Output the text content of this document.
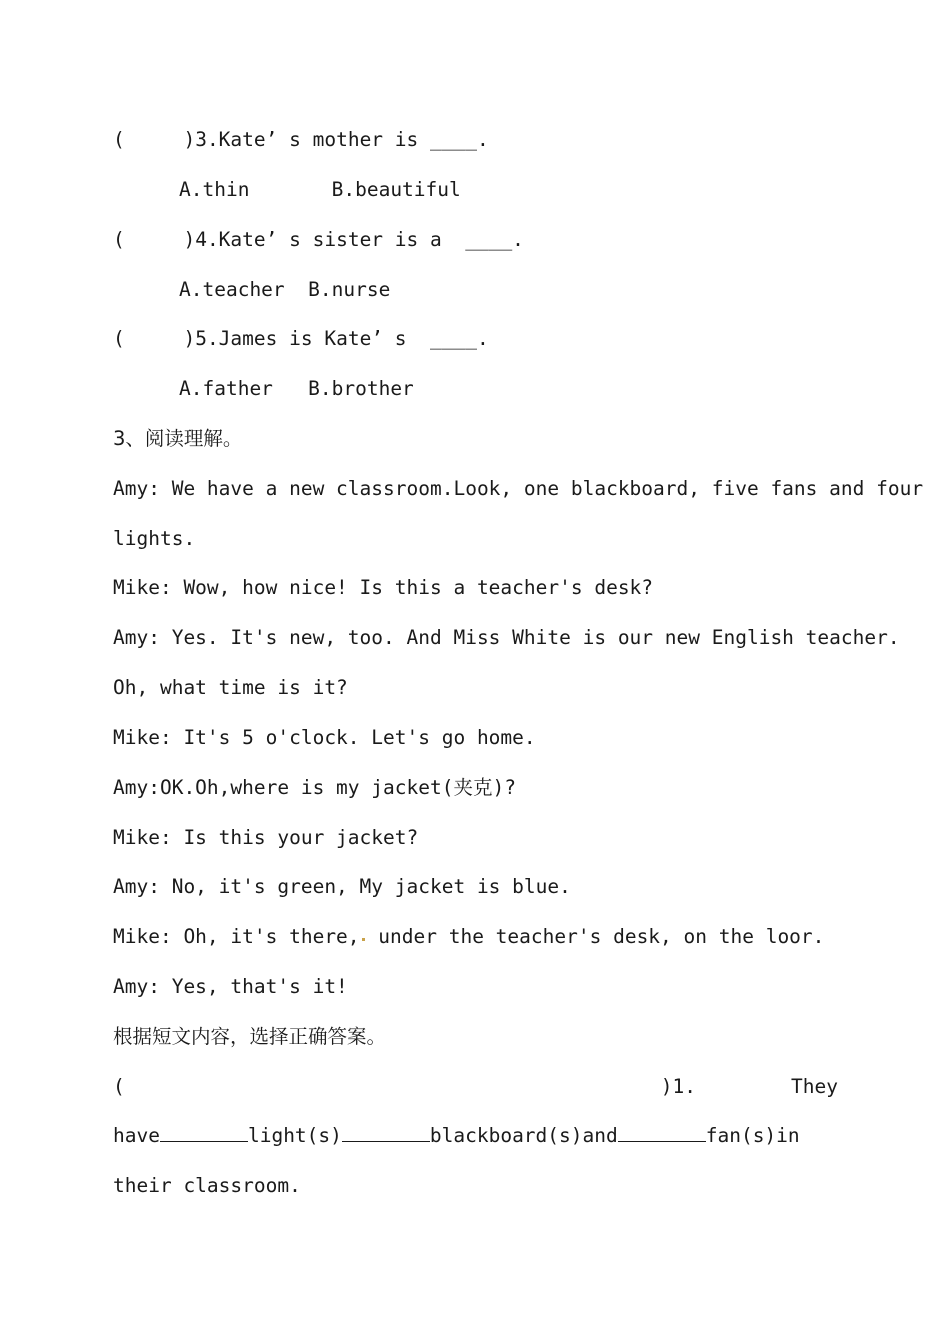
(	)3.Kate’ s mother is ____.
A.thin       B.beautiful
(	)4.Kate’ s sister is a  ____.
A.teacher  B.nurse
(	)5.James is Kate’ s  ____.
A.father   B.brother
3、阅读理解。
Amy: We have a new classroom.Look, one blackboard, five fans and four
lights.
Mike: Wow, how nice! Is this a teacher's desk?
Amy: Yes. It's new, too. And Miss White is our new English teacher.
Oh, what time is it?
Mike: It's 5 o'clock. Let's go home.
Amy:OK.Oh,where is my jacket(夹克)?
Mike: Is this your jacket?
Amy: No, it's green, My jacket is blue.
Mike: Oh, it's there, under the teacher's desk, on the loor.
Amy: Yes, that's it!
根据短文内容，选择正确答案。
(	)1.	They
have	light(s)	blackboard(s)and	fan(s)in
their classroom.
